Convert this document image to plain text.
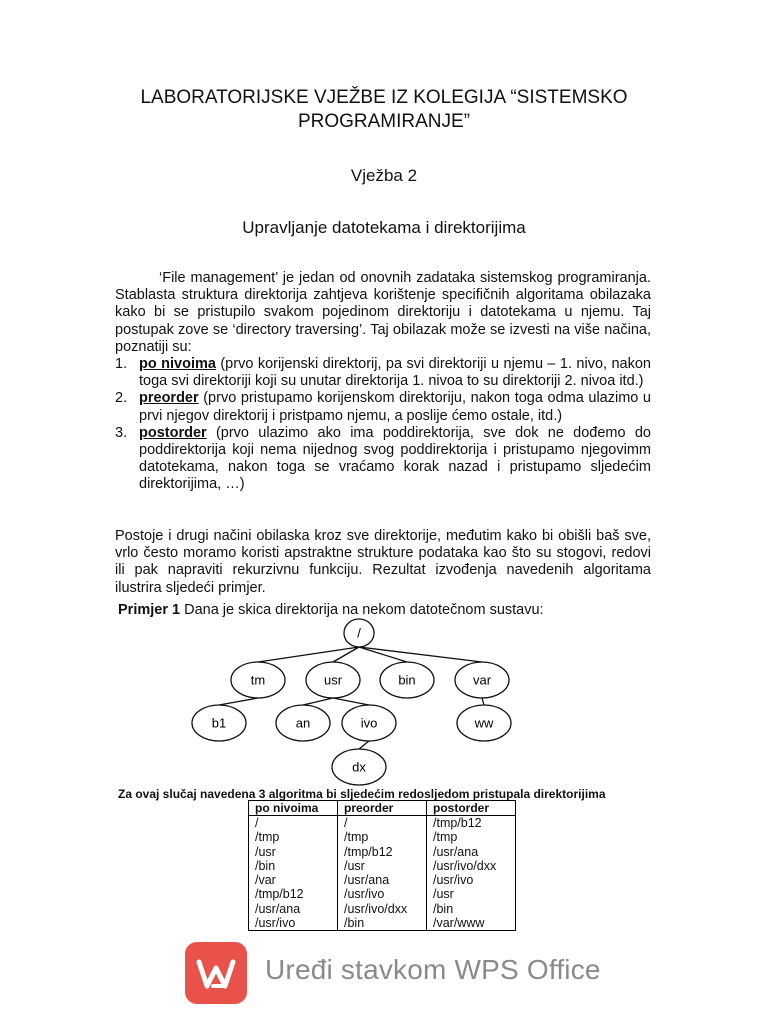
LABORATORIJSKE VJEŽBE IZ KOLEGIJA “SISTEMSKO PROGRAMIRANJE”
Vježba 2
Upravljanje datotekama i direktorijima

‘File management’ je jedan od onovnih zadataka sistemskog programiranja. Stablasta struktura direktorija zahtjeva korištenje specifičnih algoritama obilazaka kako bi se pristupilo svakom pojedinom direktoriju i datotekama u njemu. Taj postupak zove se ‘directory traversing’. Taj obilazak može se izvesti na više načina, poznatiji su:

1. po nivoima (prvo korijenski direktorij, pa svi direktoriji u njemu – 1. nivo, nakon toga svi direktoriji koji su unutar direktorija 1. nivoa to su direktoriji 2. nivoa itd.)
2. preorder (prvo pristupamo korijenskom direktoriju, nakon toga odma ulazimo u prvi njegov direktorij i pristpamo njemu, a poslije ćemo ostale, itd.)
3. postorder (prvo ulazimo ako ima poddirektorija, sve dok ne dođemo do poddirektorija koji nema nijednog svog poddirektorija i pristupamo njegovimm datotekama, nakon toga se vraćamo korak nazad i pristupamo sljedećim direktorijima, …)

Postoje i drugi načini obilaska kroz sve direktorije, međutim kako bi obišli baš sve, vrlo često moramo koristi apstraktne strukture podataka kao što su stogovi, redovi ili pak napraviti rekurzivnu funkciju. Rezultat izvođenja navedenih algoritama ilustrira sljedeći primjer.

Primjer 1 Dana je skica direktorija na nekom datotečnom sustavu:

/
tm	usr	bin	var
b1	an	ivo	ww
dx

Za ovaj slučaj navedena 3 algoritma bi sljedećim redosljedom pristupala direktorijima

po nivoima	preorder	postorder
/	/	/tmp/b12
/tmp	/tmp	/tmp
/usr	/tmp/b12	/usr/ana
/bin	/usr	/usr/ivo/dxx
/var	/usr/ana	/usr/ivo
/tmp/b12	/usr/ivo	/usr
/usr/ana	/usr/ivo/dxx	/bin
/usr/ivo	/bin	/var/www
Uređi stavkom WPS Office
